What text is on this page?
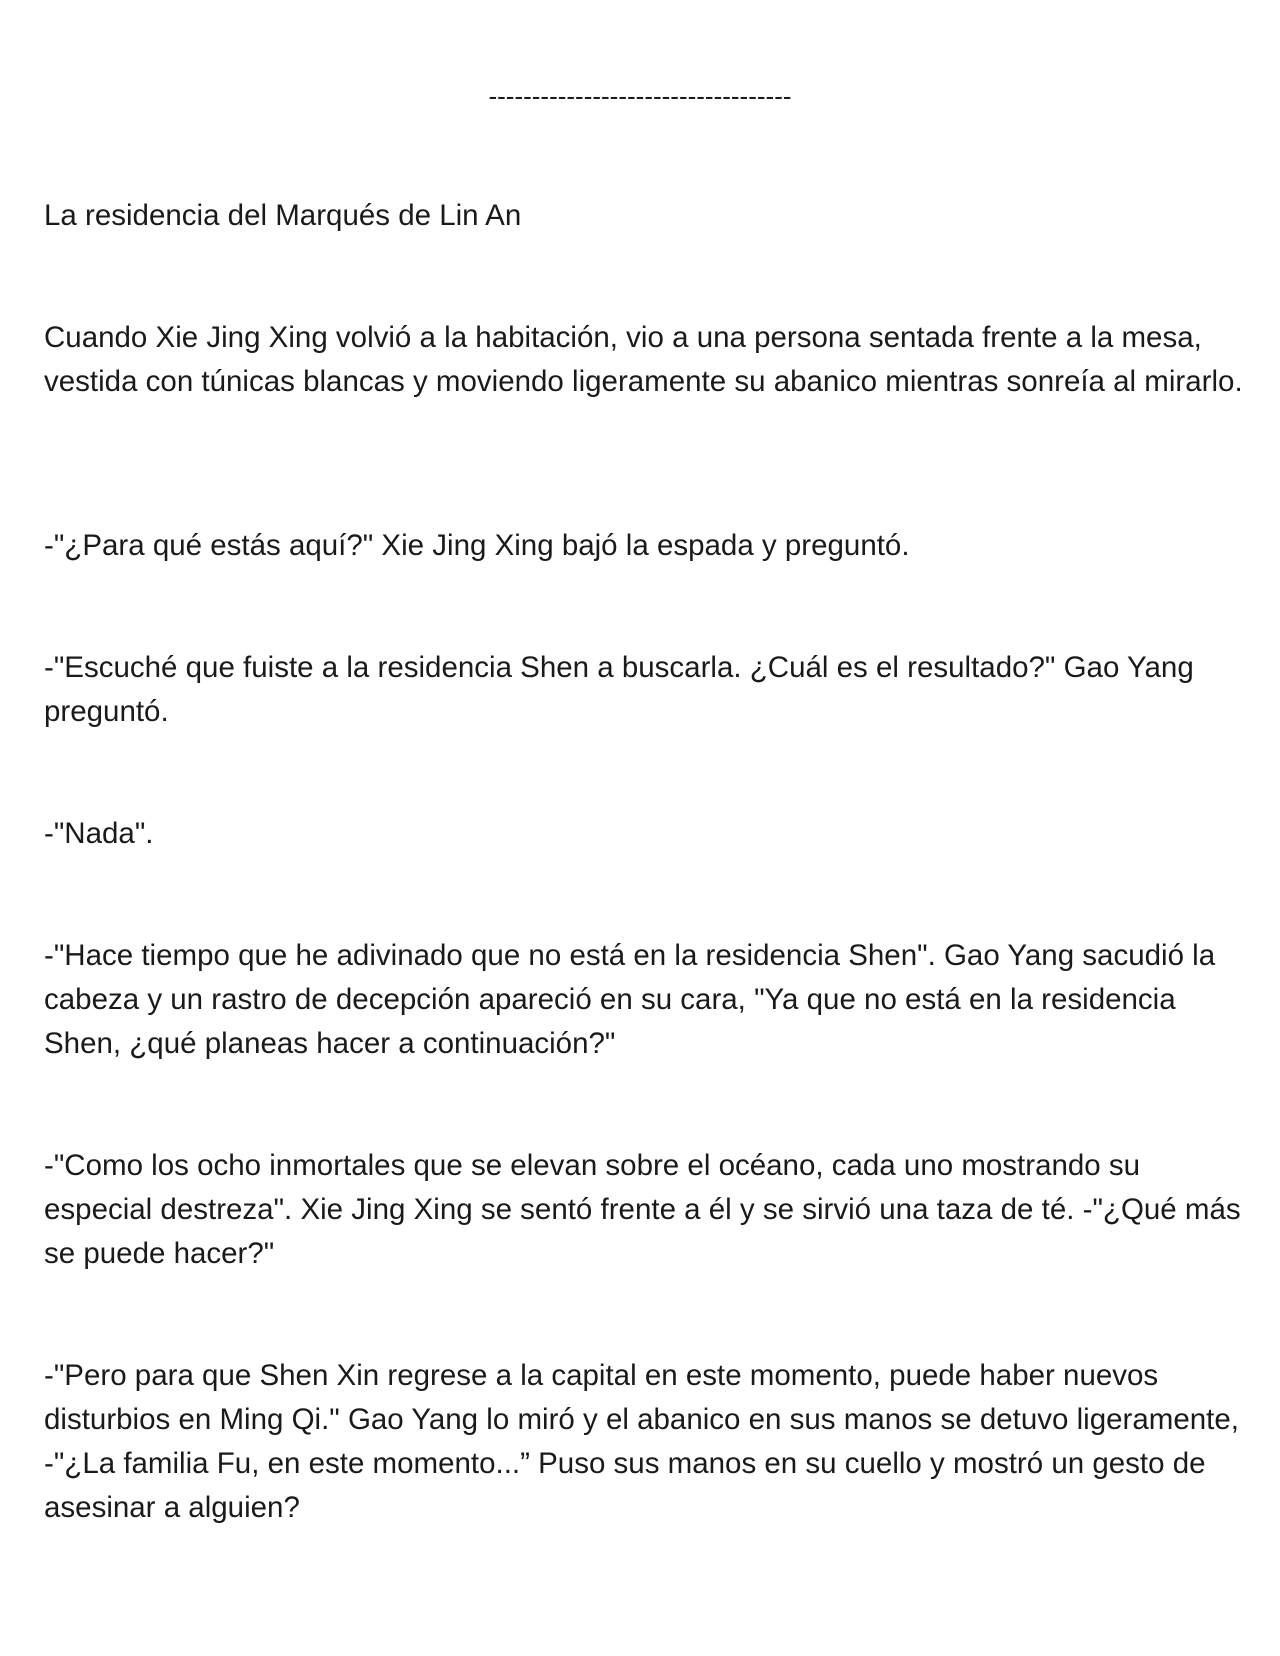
-----------------------------------

La residencia del Marqués de Lin An

Cuando Xie Jing Xing volvió a la habitación, vio a una persona sentada frente a la mesa, vestida con túnicas blancas y moviendo ligeramente su abanico mientras sonreía al mirarlo.

-"¿Para qué estás aquí?" Xie Jing Xing bajó la espada y preguntó.

-"Escuché que fuiste a la residencia Shen a buscarla. ¿Cuál es el resultado?" Gao Yang preguntó.

-"Nada".

-"Hace tiempo que he adivinado que no está en la residencia Shen". Gao Yang sacudió la cabeza y un rastro de decepción apareció en su cara, "Ya que no está en la residencia Shen, ¿qué planeas hacer a continuación?"

-"Como los ocho inmortales que se elevan sobre el océano, cada uno mostrando su especial destreza". Xie Jing Xing se sentó frente a él y se sirvió una taza de té. -"¿Qué más se puede hacer?"

-"Pero para que Shen Xin regrese a la capital en este momento, puede haber nuevos disturbios en Ming Qi." Gao Yang lo miró y el abanico en sus manos se detuvo ligeramente, -"¿La familia Fu, en este momento...” Puso sus manos en su cuello y mostró un gesto de asesinar a alguien?
